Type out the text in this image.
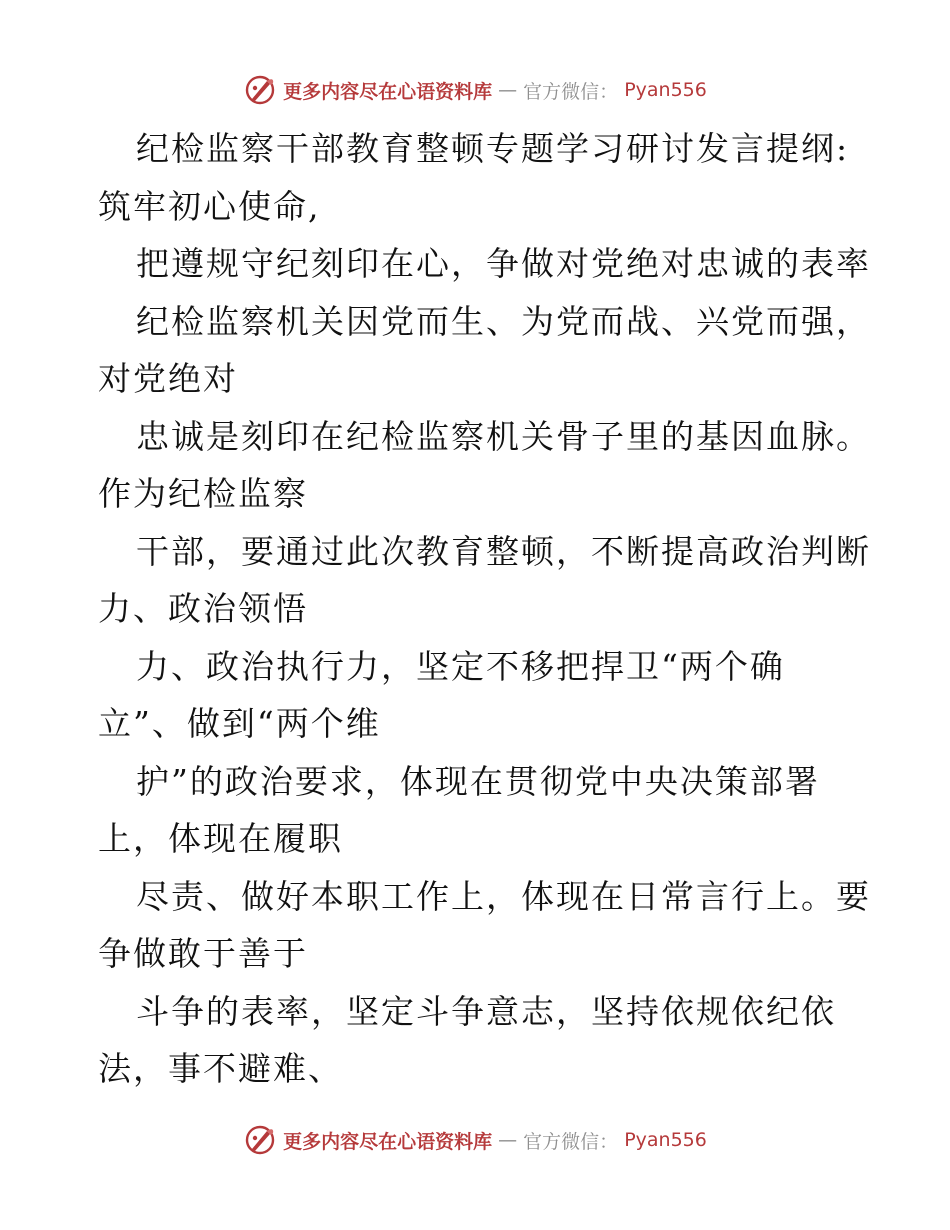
更多内容尽在心语资料库 — 官方微信： Pyan556
纪检监察干部教育整顿专题学习研讨发言提纲:
筑牢初心使命,
把遵规守纪刻印在心，争做对党绝对忠诚的表率
纪检监察机关因党而生、为党而战、兴党而强，
对党绝对
忠诚是刻印在纪检监察机关骨子里的基因血脉。
作为纪检监察
干部，要通过此次教育整顿，不断提高政治判断
力、政治领悟
力、政治执行力，坚定不移把捍卫“两个确
立”、做到“两个维
护”的政治要求，体现在贯彻党中央决策部署
上，体现在履职
尽责、做好本职工作上，体现在日常言行上。要
争做敢于善于
斗争的表率，坚定斗争意志，坚持依规依纪依
法，事不避难、
更多内容尽在心语资料库 — 官方微信： Pyan556
